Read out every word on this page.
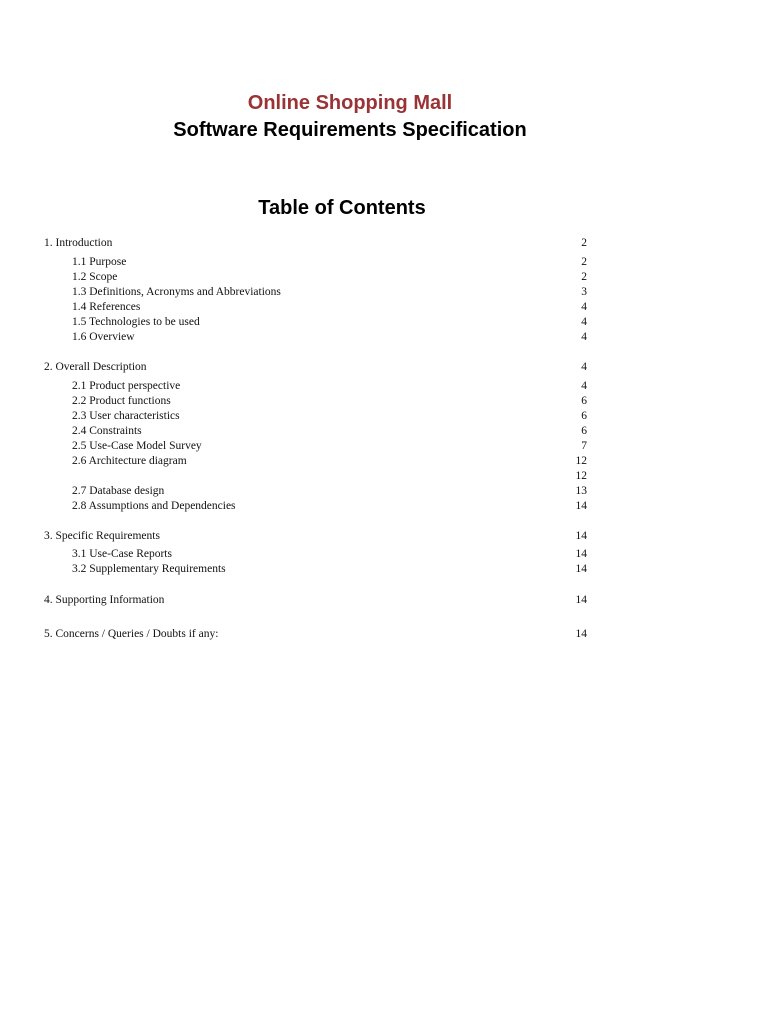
Online Shopping Mall
Software Requirements Specification
Table of Contents
1. Introduction	2
1.1 Purpose	2
1.2 Scope	2
1.3 Definitions, Acronyms and Abbreviations	3
1.4 References	4
1.5 Technologies to be used	4
1.6 Overview	4
2. Overall Description	4
2.1 Product perspective	4
2.2 Product functions	6
2.3 User characteristics	6
2.4 Constraints	6
2.5 Use-Case Model Survey	7
2.6 Architecture diagram	12
12
2.7 Database design	13
2.8 Assumptions and Dependencies	14
3. Specific Requirements	14
3.1 Use-Case Reports	14
3.2 Supplementary Requirements	14
4. Supporting Information	14
5. Concerns / Queries / Doubts if any:	14
